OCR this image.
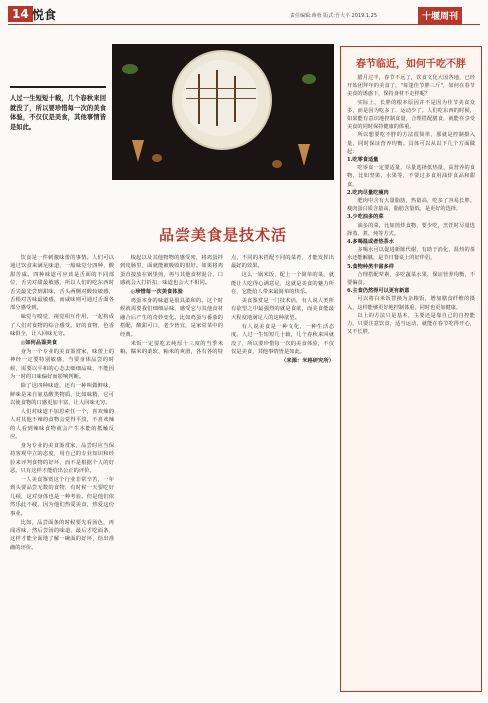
14 悦食	责任编辑:蒋蓉 版式:吾大平 2019.1.25	十堰周刊

人过一生短短十载，几个春秋来回就没了，所以要珍惜每一次的美食体验，不仅仅是美食，其他事情皆是如此。

品尝美食是技术活

饮食是一件刺激味蕾的事情。人们可以通过饮食来满足味道，一般味觉分四种，酸甜苦咸。四种味道可应该是舌面的不同部位，舌尖对甜最敏感，所以人们的吃东西时舌尖最先尝到甜味，舌头两侧对酸较敏感，舌根对苦味最敏感，而咸味则可通过舌面各部分感受到。

味觉与嗅觉、视觉相互作用，一起构成了人们对食物的综合感受。好的食物，色香味俱全，让人回味无穷。

◎如何品鉴美食

身为一个专业的美食鉴赏家，味蕾上的神经一定要特别敏感，当要身体品尝的时候，需要以平和的心态去细细品味，不能因为一时的口味偏好而影响判断。

除了这四种味道，还有一种叫做鲜味，鲜味是来自氨基酸类物质，比如味精，它可以使食物的口感更加丰富，让人回味无穷。

人们对味道不加思索任一个，喜欢辣的人对其他不辣的食物会觉得平淡，不喜欢辣的人看到辣味食物就会产生本能的抵触反应。

身为专业的美食鉴赏家，品尝时应当保持客观中立的态度，用自己的专业知识和经验来评判食物的好坏，而不是根据个人的好恶。只有这样才能给出公正的评价。

一人美食鉴赏这个行业非常辛苦，一年到头要品尝无数的食物，有时候一天要吃好几顿，这对身体也是一种考验。但是他们依然乐此不疲，因为他们热爱美食，热爱这份事业。

比如，品尝面条的时候要先看汤色，再闻香味，然后尝汤的味道，最后才吃面条，这样才能全面地了解一碗面的好坏，给出准确的评价。

梳起以及其他物物的感受密，将鸡蛋拌到皮肠里，面就能被吸收的很好。如果将鸡蛋直接放在锅里煎，再与其他食材混合，口感就会大打折扣，味道也会大不相同。

◎珍惜每一次美食体验

鸡蛋本身的味道是很具柔和的。这个时候就需要我们细细品味，感受它与其他食材融合后产生的奇妙变化。比如鸡蛋与番茄的搭配，酸甜可口，老少皆宜，是家常菜中的经典。

米饭一定要吃去纯厚十三度的当季米粮。糯米的柔软、籼米的爽滑，各有各的特点，不同的米搭配不同的菜肴，才能发挥出最好的效果。

这么一锅米饭，配上一个简单的菜，就能让人吃得心满意足，这就是美食的魅力所在，它能给人带来最简单的快乐。

美食鉴赏是一门技术活，有人说人类所有欲望之中最强烈的就是食欲，而美食能最大程度地满足人的这种欲望。

有人说美食是一种文化，一种生活态度。人过一生短短几十载，几个春秋来回就没了，所以要珍惜每一次的美食体验，不仅仅是美食，其他事情皆是如此。

（来源：米格研究所）

春节临近，如何千吃不胖

腊月过半，春节不远了，饮食文化大国各地，已经开始团拜年的美食了，"每逢佳节胖三斤"，如何在春节美食的诱惑下，保持身材不走样呢？

实际上，长胖的根本原因并不是因为佳节美食众多，而是因为吃多了、运动少了。人们吃东西的时候，如果能有意识地控制食量，合理搭配膳食，就能在享受美食的同时保持健康的体重。

所以想要吃不胖的方法很简单，那就是控制摄入量，同时保证营养均衡。具体可以从以下几个方面做起：

1.吃零食适量

吃零食一定要适量，尽量选择低热量、高营养的食物，比如坚果、水果等，不要过多食用油炸食品和甜食。

2.吃肉尽量吃瘦肉

肥肉中含有大量脂肪，热量高，吃多了容易长胖。瘦肉蛋白质含量高，脂肪含量低，是更好的选择。

3.少吃油多的菜

油多的菜，比如煎炸食物，要少吃，烹饪时尽量选择蒸、煮、炖等方式。

4.多喝温或者热茶水

多喝水可以促进新陈代谢，有助于消化，温热的茶水还能解腻，是节日餐桌上的好伴侣。

5.食物种类丰富多样

合理搭配荤素，多吃蔬菜水果，保证营养均衡，不要偏食。

6.主食仍然得可以更有新意

可以将白米饭替换为杂粮饭，增加膳食纤维的摄入，这样能够更好地控制体重，同时也更加健康。

以上的方法只是基本，主要还是靠自己的自控能力。只要注意饮食，适当运动，就能在春节吃得开心，又不长胖。
